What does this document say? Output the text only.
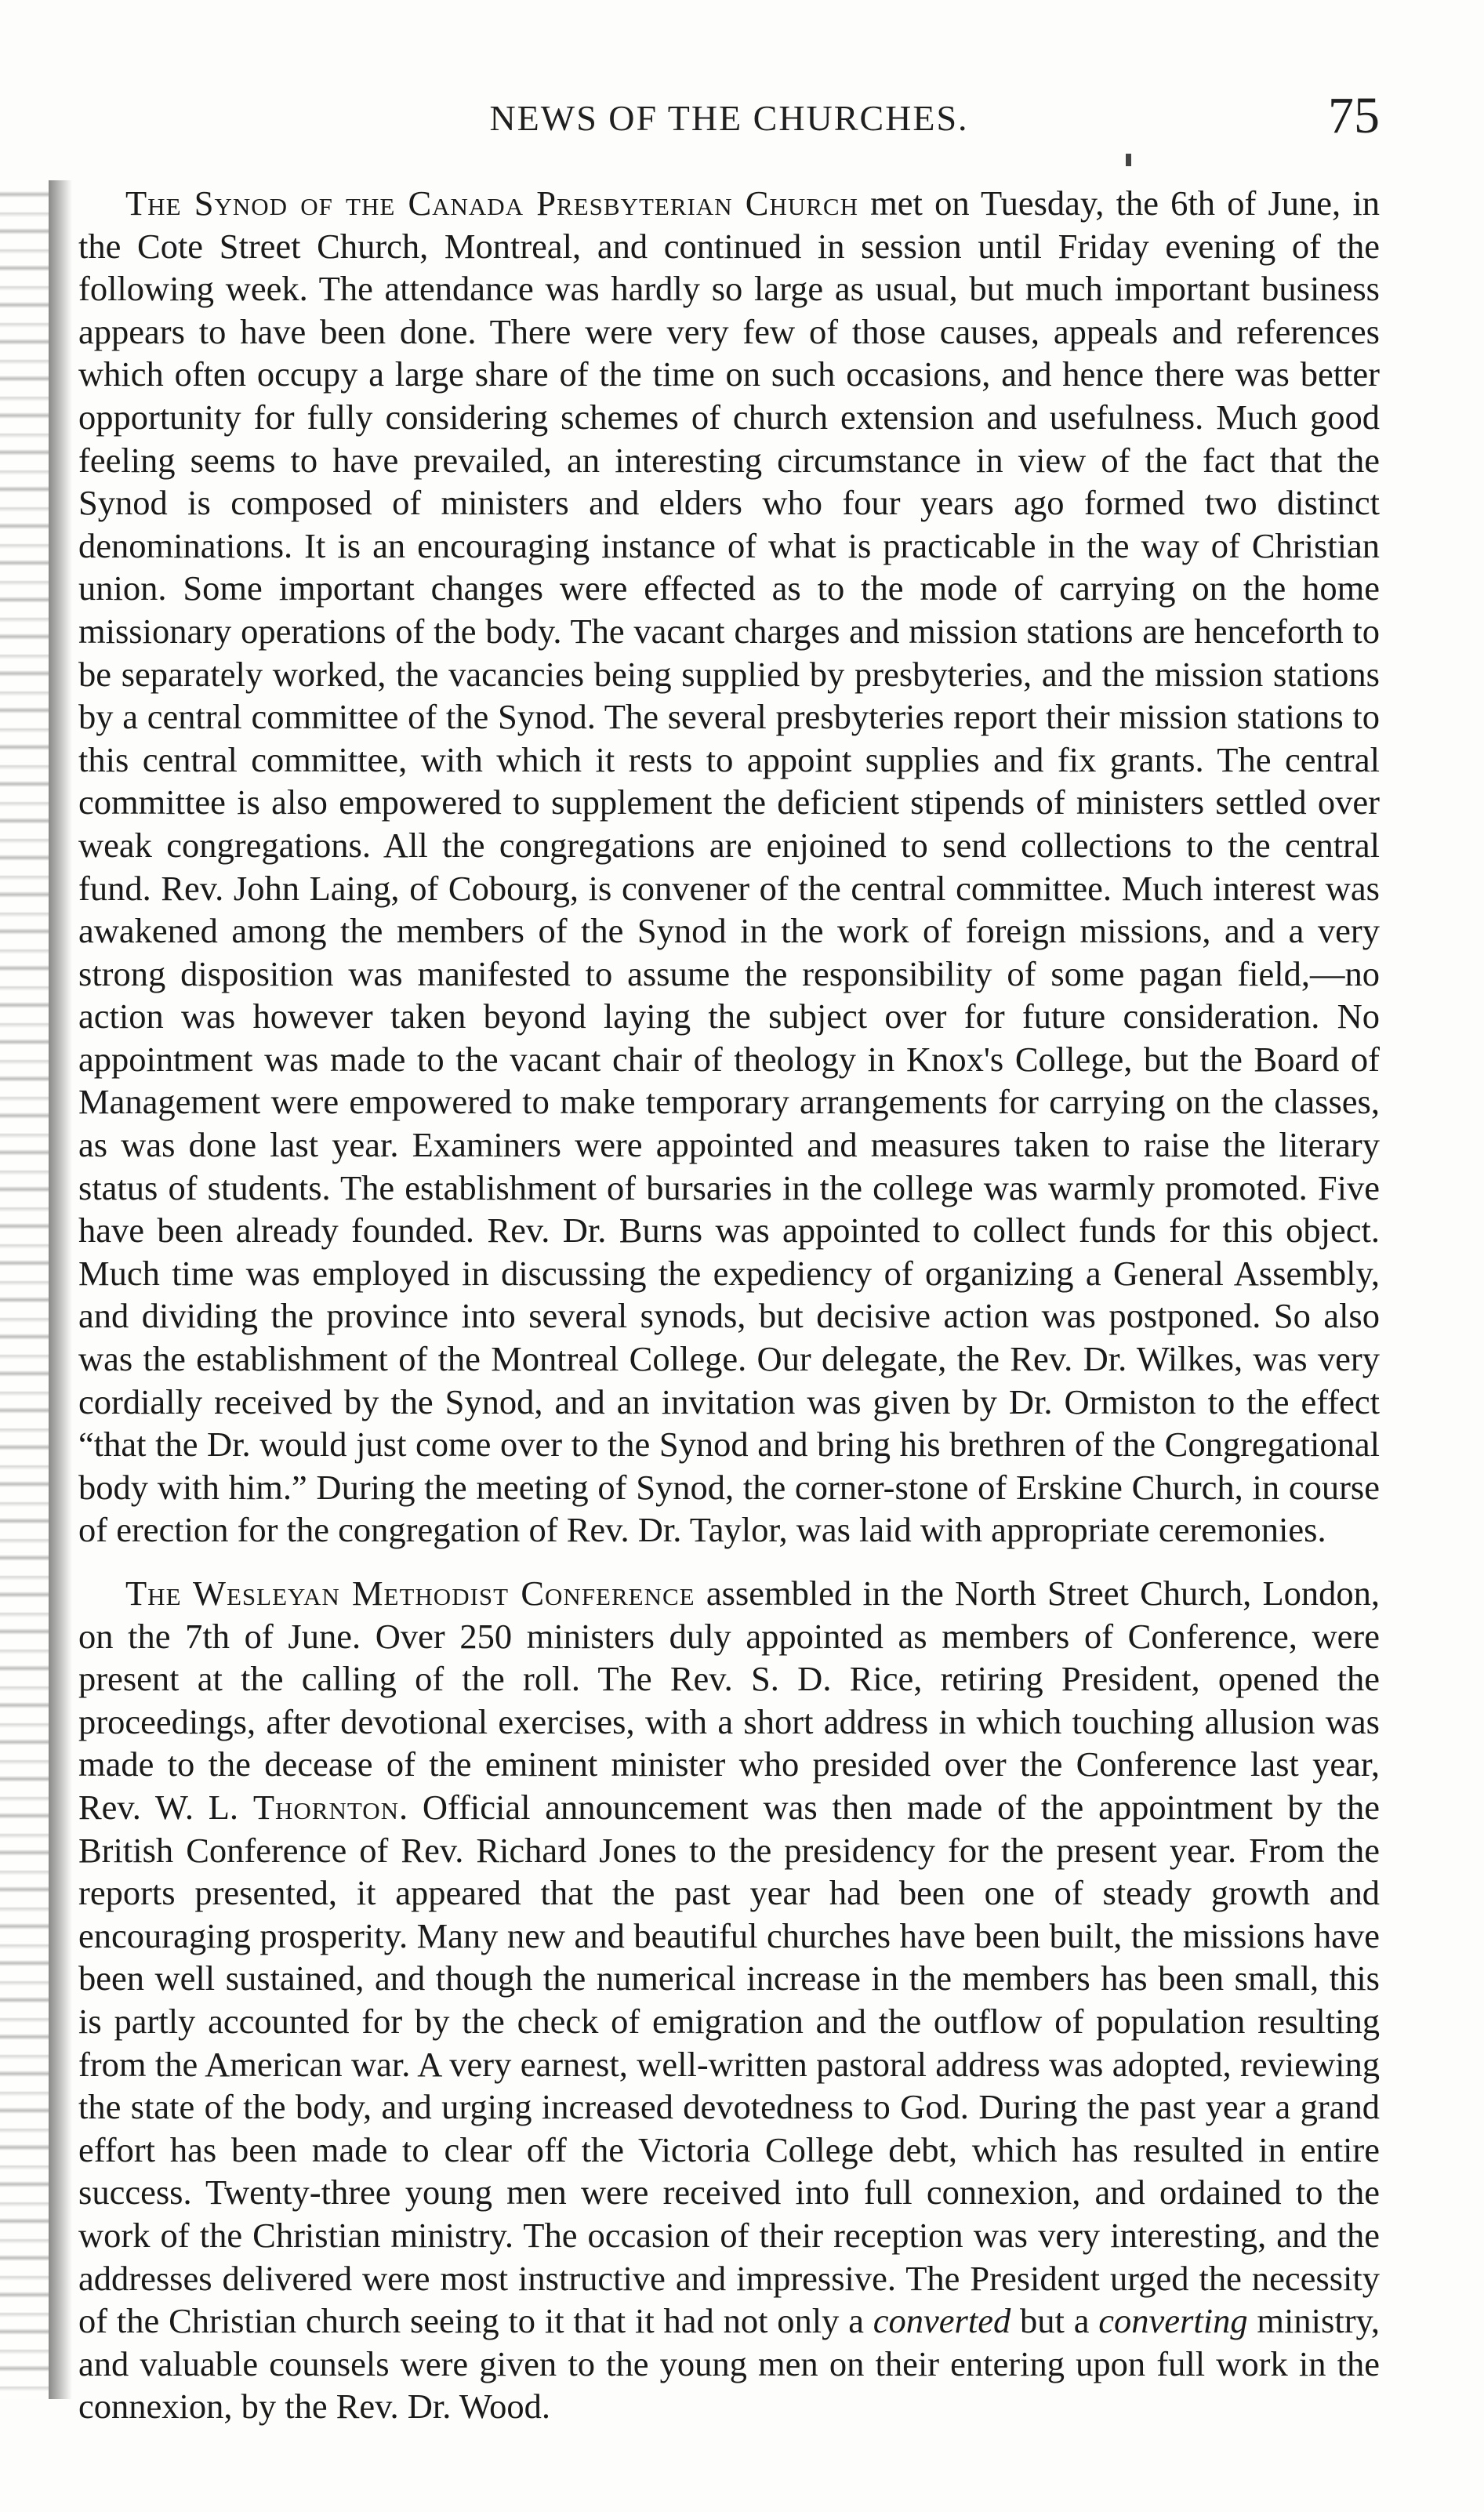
NEWS OF THE CHURCHES.	75

The Synod of the Canada Presbyterian Church met on Tuesday, the 6th of June, in the Cote Street Church, Montreal, and continued in session until Friday evening of the following week. The attendance was hardly so large as usual, but much important business appears to have been done. There were very few of those causes, appeals and references which often occupy a large share of the time on such occasions, and hence there was better opportunity for fully considering schemes of church extension and usefulness. Much good feeling seems to have prevailed, an interesting circumstance in view of the fact that the Synod is composed of ministers and elders who four years ago formed two distinct denominations. It is an encouraging instance of what is practicable in the way of Christian union. Some important changes were effected as to the mode of carrying on the home missionary operations of the body. The vacant charges and mission stations are henceforth to be separately worked, the vacancies being supplied by presbyteries, and the mission stations by a central committee of the Synod. The several presbyteries report their mission stations to this central committee, with which it rests to appoint supplies and fix grants. The central committee is also empowered to supplement the deficient stipends of ministers settled over weak congregations. All the congregations are enjoined to send collections to the central fund. Rev. John Laing, of Cobourg, is convener of the central committee. Much interest was awakened among the members of the Synod in the work of foreign missions, and a very strong disposition was manifested to assume the responsibility of some pagan field,—no action was however taken beyond laying the subject over for future consideration. No appointment was made to the vacant chair of theology in Knox's College, but the Board of Management were empowered to make temporary arrangements for carrying on the classes, as was done last year. Examiners were appointed and measures taken to raise the literary status of students. The establishment of bursaries in the college was warmly promoted. Five have been already founded. Rev. Dr. Burns was appointed to collect funds for this object. Much time was employed in discussing the expediency of organizing a General Assembly, and dividing the province into several synods, but decisive action was postponed. So also was the establishment of the Montreal College. Our delegate, the Rev. Dr. Wilkes, was very cordially received by the Synod, and an invitation was given by Dr. Ormiston to the effect “that the Dr. would just come over to the Synod and bring his brethren of the Congregational body with him.” During the meeting of Synod, the corner-stone of Erskine Church, in course of erection for the congregation of Rev. Dr. Taylor, was laid with appropriate ceremonies.

The Wesleyan Methodist Conference assembled in the North Street Church, London, on the 7th of June. Over 250 ministers duly appointed as members of Conference, were present at the calling of the roll. The Rev. S. D. Rice, retiring President, opened the proceedings, after devotional exercises, with a short address in which touching allusion was made to the decease of the eminent minister who presided over the Conference last year, Rev. W. L. Thornton. Official announcement was then made of the appointment by the British Conference of Rev. Richard Jones to the presidency for the present year. From the reports presented, it appeared that the past year had been one of steady growth and encouraging prosperity. Many new and beautiful churches have been built, the missions have been well sustained, and though the numerical increase in the members has been small, this is partly accounted for by the check of emigration and the outflow of population resulting from the American war. A very earnest, well-written pastoral address was adopted, reviewing the state of the body, and urging increased devotedness to God. During the past year a grand effort has been made to clear off the Victoria College debt, which has resulted in entire success. Twenty-three young men were received into full connexion, and ordained to the work of the Christian ministry. The occasion of their reception was very interesting, and the addresses delivered were most instructive and impressive. The President urged the necessity of the Christian church seeing to it that it had not only a converted but a converting ministry, and valuable counsels were given to the young men on their entering upon full work in the connexion, by the Rev. Dr. Wood.
